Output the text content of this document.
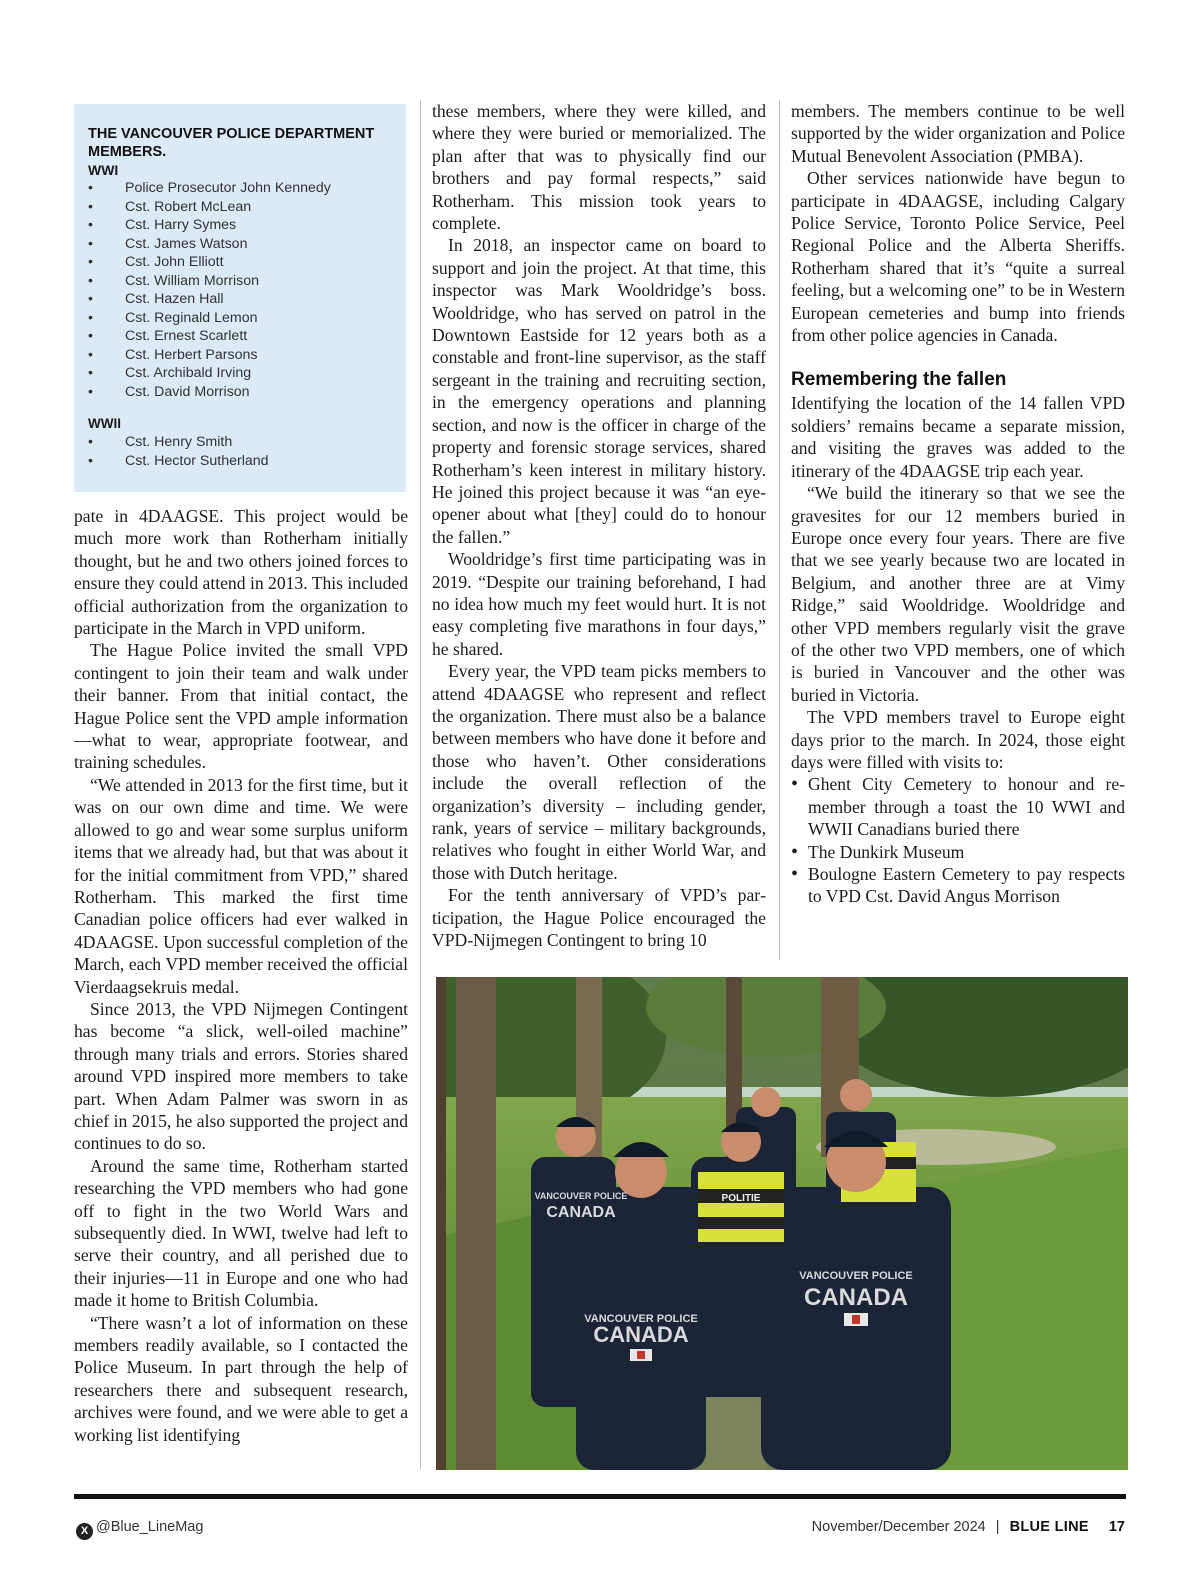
THE VANCOUVER POLICE DEPARTMENT MEMBERS.
WWI
• Police Prosecutor John Kennedy
• Cst. Robert McLean
• Cst. Harry Symes
• Cst. James Watson
• Cst. John Elliott
• Cst. William Morrison
• Cst. Hazen Hall
• Cst. Reginald Lemon
• Cst. Ernest Scarlett
• Cst. Herbert Parsons
• Cst. Archibald Irving
• Cst. David Morrison
WWII
• Cst. Henry Smith
• Cst. Hector Sutherland

pate in 4DAAGSE. This project would be much more work than Rotherham initially thought, but he and two others joined forces to ensure they could attend in 2013. This included official authorization from the organization to participate in the March in VPD uniform.

The Hague Police invited the small VPD contingent to join their team and walk under their banner. From that initial contact, the Hague Police sent the VPD ample information—what to wear, appropriate footwear, and training schedules.

“We attended in 2013 for the first time, but it was on our own dime and time. We were allowed to go and wear some surplus uniform items that we already had, but that was about it for the initial commitment from VPD,” shared Rotherham. This marked the first time Canadian police officers had ever walked in 4DAAGSE. Upon successful completion of the March, each VPD member received the official Vierdaagsekruis medal.

Since 2013, the VPD Nijmegen Contingent has become “a slick, well-oiled machine” through many trials and errors. Stories shared around VPD inspired more members to take part. When Adam Palmer was sworn in as chief in 2015, he also supported the project and continues to do so.

Around the same time, Rotherham started researching the VPD members who had gone off to fight in the two World Wars and subsequently died. In WWI, twelve had left to serve their country, and all perished due to their injuries—11 in Europe and one who had made it home to British Columbia.

“There wasn’t a lot of information on these members readily available, so I contacted the Police Museum. In part through the help of researchers there and subsequent research, archives were found, and we were able to get a working list identifying

these members, where they were killed, and where they were buried or memorialized. The plan after that was to physically find our brothers and pay formal respects,” said Rotherham. This mission took years to complete.

In 2018, an inspector came on board to support and join the project. At that time, this inspector was Mark Wooldridge’s boss. Wooldridge, who has served on patrol in the Downtown Eastside for 12 years both as a constable and front-line supervisor, as the staff sergeant in the training and recruiting section, in the emergency operations and planning section, and now is the officer in charge of the property and forensic storage services, shared Rotherham’s keen interest in military history. He joined this project because it was “an eye-opener about what [they] could do to honour the fallen.”

Wooldridge’s first time participating was in 2019. “Despite our training beforehand, I had no idea how much my feet would hurt. It is not easy completing five marathons in four days,” he shared.

Every year, the VPD team picks members to attend 4DAAGSE who represent and reflect the organization. There must also be a balance between members who have done it before and those who haven’t. Other considerations include the overall reflection of the organization’s diversity – including gender, rank, years of service – military backgrounds, relatives who fought in either World War, and those with Dutch heritage.

For the tenth anniversary of VPD’s participation, the Hague Police encouraged the VPD-Nijmegen Contingent to bring 10

members. The members continue to be well supported by the wider organization and Police Mutual Benevolent Association (PMBA).

Other services nationwide have begun to participate in 4DAAGSE, including Calgary Police Service, Toronto Police Service, Peel Regional Police and the Alberta Sheriffs. Rotherham shared that it’s “quite a surreal feeling, but a welcoming one” to be in Western European cemeteries and bump into friends from other police agencies in Canada.

Remembering the fallen

Identifying the location of the 14 fallen VPD soldiers’ remains became a separate mission, and visiting the graves was added to the itinerary of the 4DAAGSE trip each year.

“We build the itinerary so that we see the gravesites for our 12 members buried in Europe once every four years. There are five that we see yearly because two are located in Belgium, and another three are at Vimy Ridge,” said Wooldridge. Wooldridge and other VPD members regularly visit the grave of the other two VPD members, one of which is buried in Vancouver and the other was buried in Victoria.

The VPD members travel to Europe eight days prior to the march. In 2024, those eight days were filled with visits to:

• Ghent City Cemetery to honour and remember through a toast the 10 WWI and WWII Canadians buried there
• The Dunkirk Museum
• Boulogne Eastern Cemetery to pay respects to VPD Cst. David Angus Morrison
VANCOUVER POLICE
CANADA
VANCOUVER POLICE
CANADA
VANCOUVER POLICE
CANADA
POLITIE
X @Blue_LineMag	November/December 2024 | BLUE LINE 17
